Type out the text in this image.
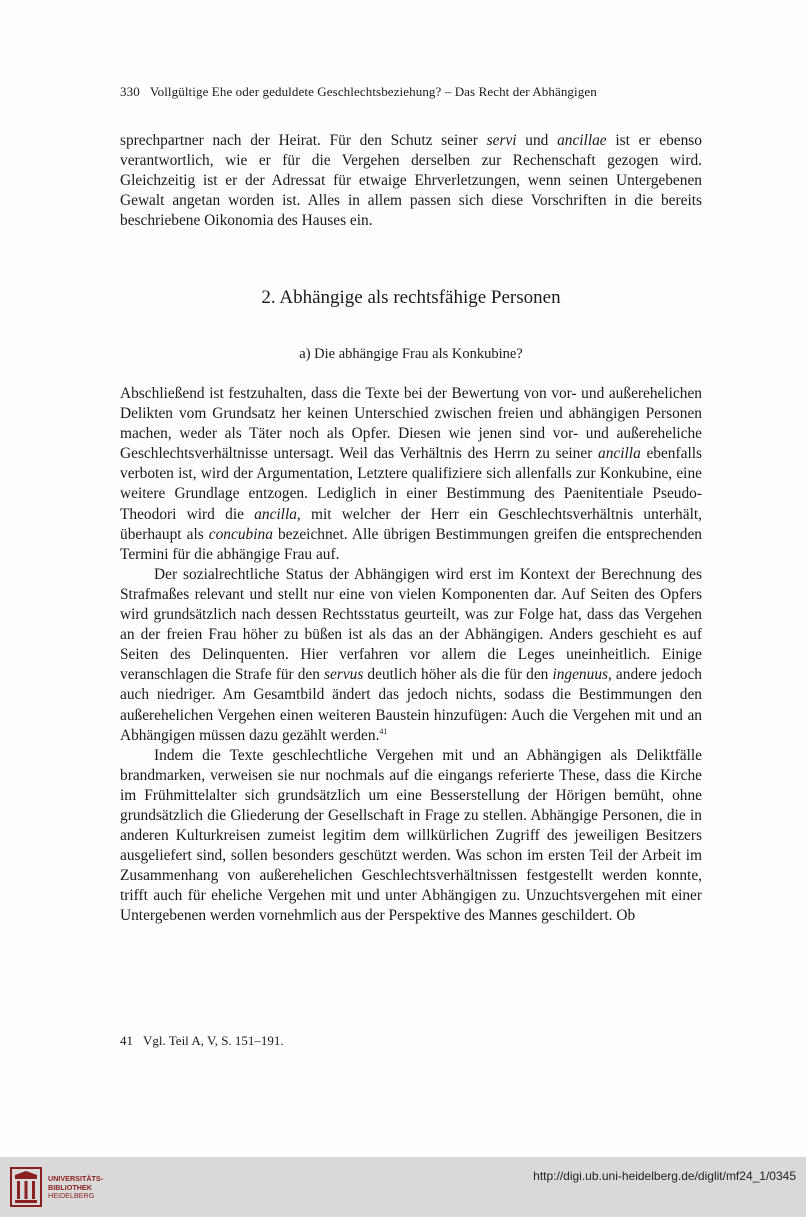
330 Vollgültige Ehe oder geduldete Geschlechtsbeziehung? – Das Recht der Abhängigen

sprechpartner nach der Heirat. Für den Schutz seiner servi und ancillae ist er ebenso verantwortlich, wie er für die Vergehen derselben zur Rechenschaft gezogen wird. Gleichzeitig ist er der Adressat für etwaige Ehrverletzungen, wenn seinen Untergebenen Gewalt angetan worden ist. Alles in allem passen sich diese Vorschriften in die bereits beschriebene Oikonomia des Hauses ein.

2. Abhängige als rechtsfähige Personen
a) Die abhängige Frau als Konkubine?

Abschließend ist festzuhalten, dass die Texte bei der Bewertung von vor- und außerehelichen Delikten vom Grundsatz her keinen Unterschied zwischen freien und abhängigen Personen machen, weder als Täter noch als Opfer. Diesen wie jenen sind vor- und außereheliche Geschlechtsverhältnisse untersagt. Weil das Verhältnis des Herrn zu seiner ancilla ebenfalls verboten ist, wird der Argumentation, Letztere qualifiziere sich allenfalls zur Konkubine, eine weitere Grundlage entzogen. Lediglich in einer Bestimmung des Paenitentiale Pseudo-Theodori wird die ancilla, mit welcher der Herr ein Geschlechtsverhältnis unterhält, überhaupt als concubina bezeichnet. Alle übrigen Bestimmungen greifen die entsprechenden Termini für die abhängige Frau auf.

Der sozialrechtliche Status der Abhängigen wird erst im Kontext der Berechnung des Strafmaßes relevant und stellt nur eine von vielen Komponenten dar. Auf Seiten des Opfers wird grundsätzlich nach dessen Rechtsstatus geurteilt, was zur Folge hat, dass das Vergehen an der freien Frau höher zu büßen ist als das an der Abhängigen. Anders geschieht es auf Seiten des Delinquenten. Hier verfahren vor allem die Leges uneinheitlich. Einige veranschlagen die Strafe für den servus deutlich höher als die für den ingenuus, andere jedoch auch niedriger. Am Gesamtbild ändert das jedoch nichts, sodass die Bestimmungen den außerehelichen Vergehen einen weiteren Baustein hinzufügen: Auch die Vergehen mit und an Abhängigen müssen dazu gezählt werden.$^{41}$

Indem die Texte geschlechtliche Vergehen mit und an Abhängigen als Deliktfälle brandmarken, verweisen sie nur nochmals auf die eingangs referierte These, dass die Kirche im Frühmittelalter sich grundsätzlich um eine Besserstellung der Hörigen bemüht, ohne grundsätzlich die Gliederung der Gesellschaft in Frage zu stellen. Abhängige Personen, die in anderen Kulturkreisen zumeist legitim dem willkürlichen Zugriff des jeweiligen Besitzers ausgeliefert sind, sollen besonders geschützt werden. Was schon im ersten Teil der Arbeit im Zusammenhang von außerehelichen Geschlechtsverhältnissen festgestellt werden konnte, trifft auch für eheliche Vergehen mit und unter Abhängigen zu. Unzuchtsvergehen mit einer Untergebenen werden vornehmlich aus der Perspektive des Mannes geschildert. Ob

41 Vgl. Teil A, V, S. 151–191.
UNIVERSITÄTS-
BIBLIOTHEK
HEIDELBERG
http://digi.ub.uni-heidelberg.de/diglit/mf24_1/0345
